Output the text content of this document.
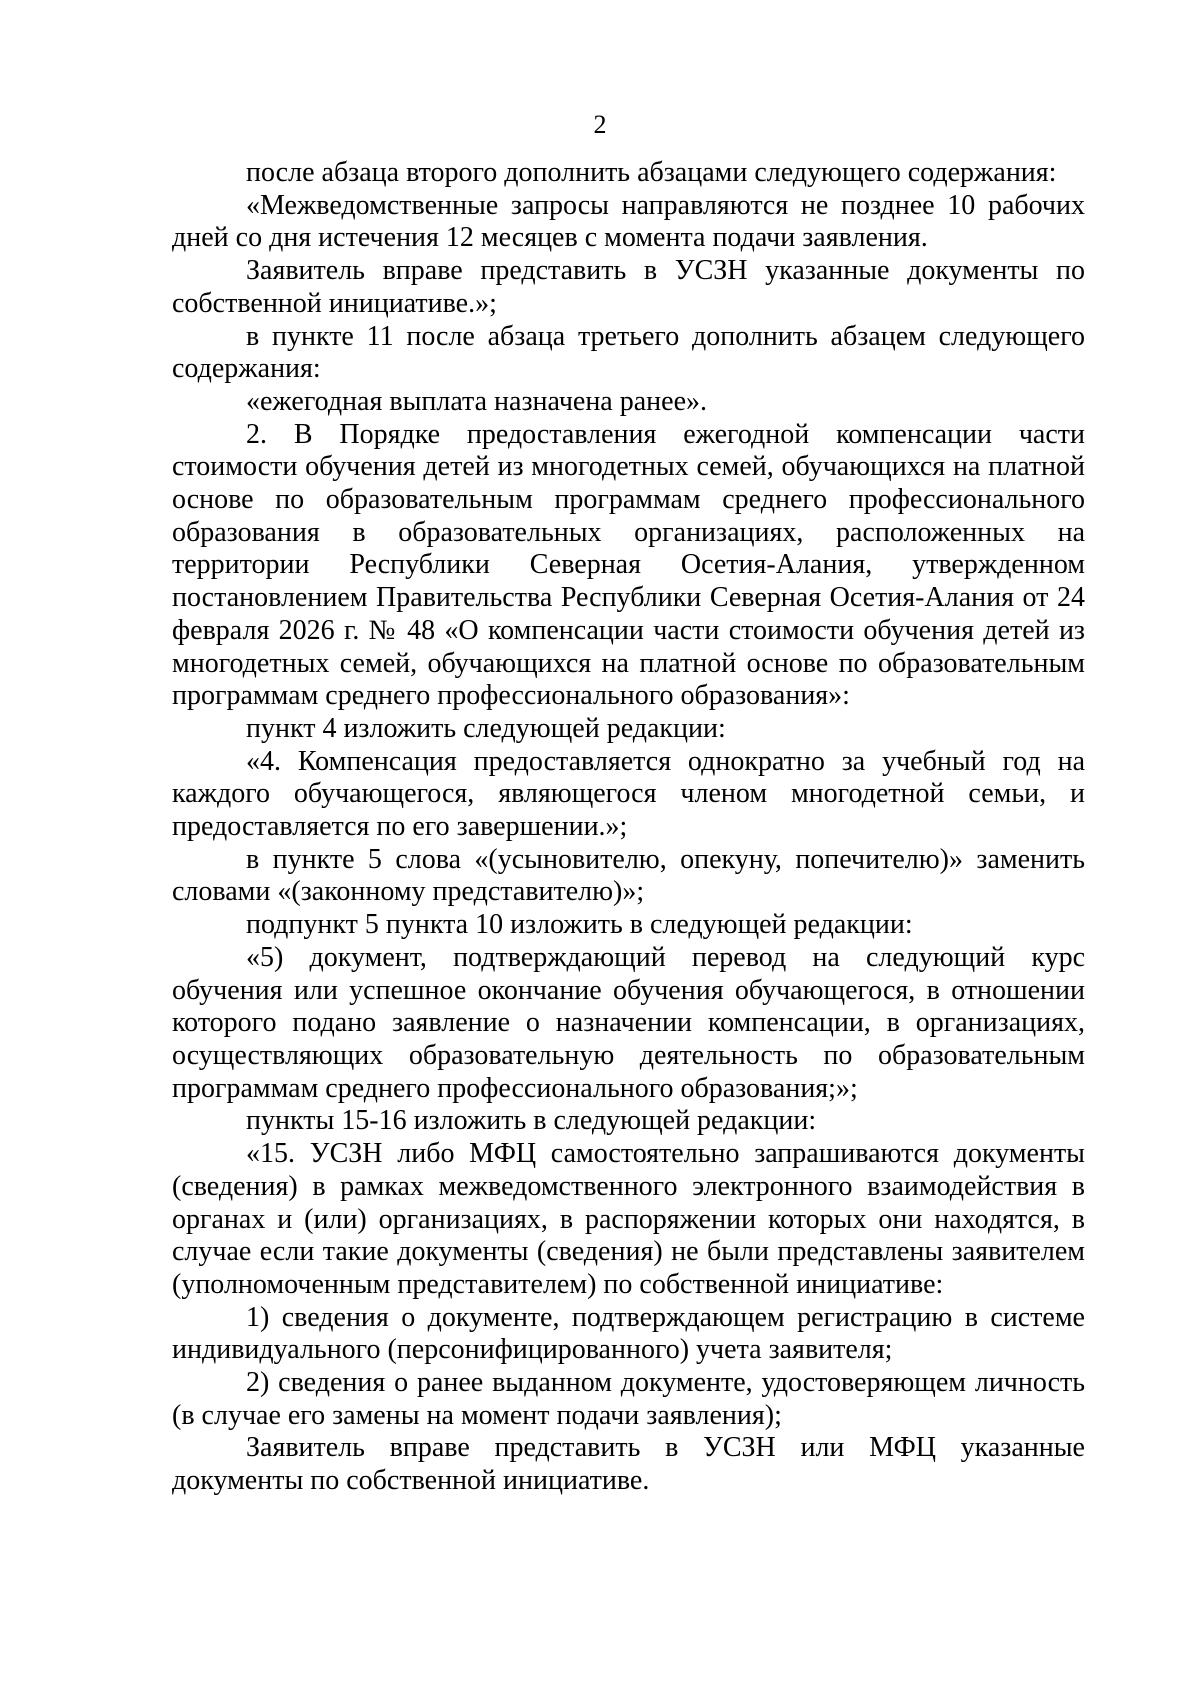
2

после абзаца второго дополнить абзацами следующего содержания:

«Межведомственные запросы направляются не позднее 10 рабочих дней со дня истечения 12 месяцев с момента подачи заявления.

Заявитель вправе представить в УСЗН указанные документы по собственной инициативе.»;

в пункте 11 после абзаца третьего дополнить абзацем следующего содержания:

«ежегодная выплата назначена ранее».

2. В Порядке предоставления ежегодной компенсации части стоимости обучения детей из многодетных семей, обучающихся на платной основе по образовательным программам среднего профессионального образования в образовательных организациях, расположенных на территории Республики Северная Осетия-Алания, утвержденном постановлением Правительства Республики Северная Осетия-Алания от 24 февраля 2026 г. № 48 «О компенсации части стоимости обучения детей из многодетных семей, обучающихся на платной основе по образовательным программам среднего профессионального образования»:

пункт 4 изложить следующей редакции:

«4. Компенсация предоставляется однократно за учебный год на каждого обучающегося, являющегося членом многодетной семьи, и предоставляется по его завершении.»;

в пункте 5 слова «(усыновителю, опекуну, попечителю)» заменить словами «(законному представителю)»;

подпункт 5 пункта 10 изложить в следующей редакции:

«5) документ, подтверждающий перевод на следующий курс обучения или успешное окончание обучения обучающегося, в отношении которого подано заявление о назначении компенсации, в организациях, осуществляющих образовательную деятельность по образовательным программам среднего профессионального образования;»;

пункты 15-16 изложить в следующей редакции:

«15. УСЗН либо МФЦ самостоятельно запрашиваются документы (сведения) в рамках межведомственного электронного взаимодействия в органах и (или) организациях, в распоряжении которых они находятся, в случае если такие документы (сведения) не были представлены заявителем (уполномоченным представителем) по собственной инициативе:

1) сведения о документе, подтверждающем регистрацию в системе индивидуального (персонифицированного) учета заявителя;

2) сведения о ранее выданном документе, удостоверяющем личность (в случае его замены на момент подачи заявления);

Заявитель вправе представить в УСЗН или МФЦ указанные документы по собственной инициативе.
